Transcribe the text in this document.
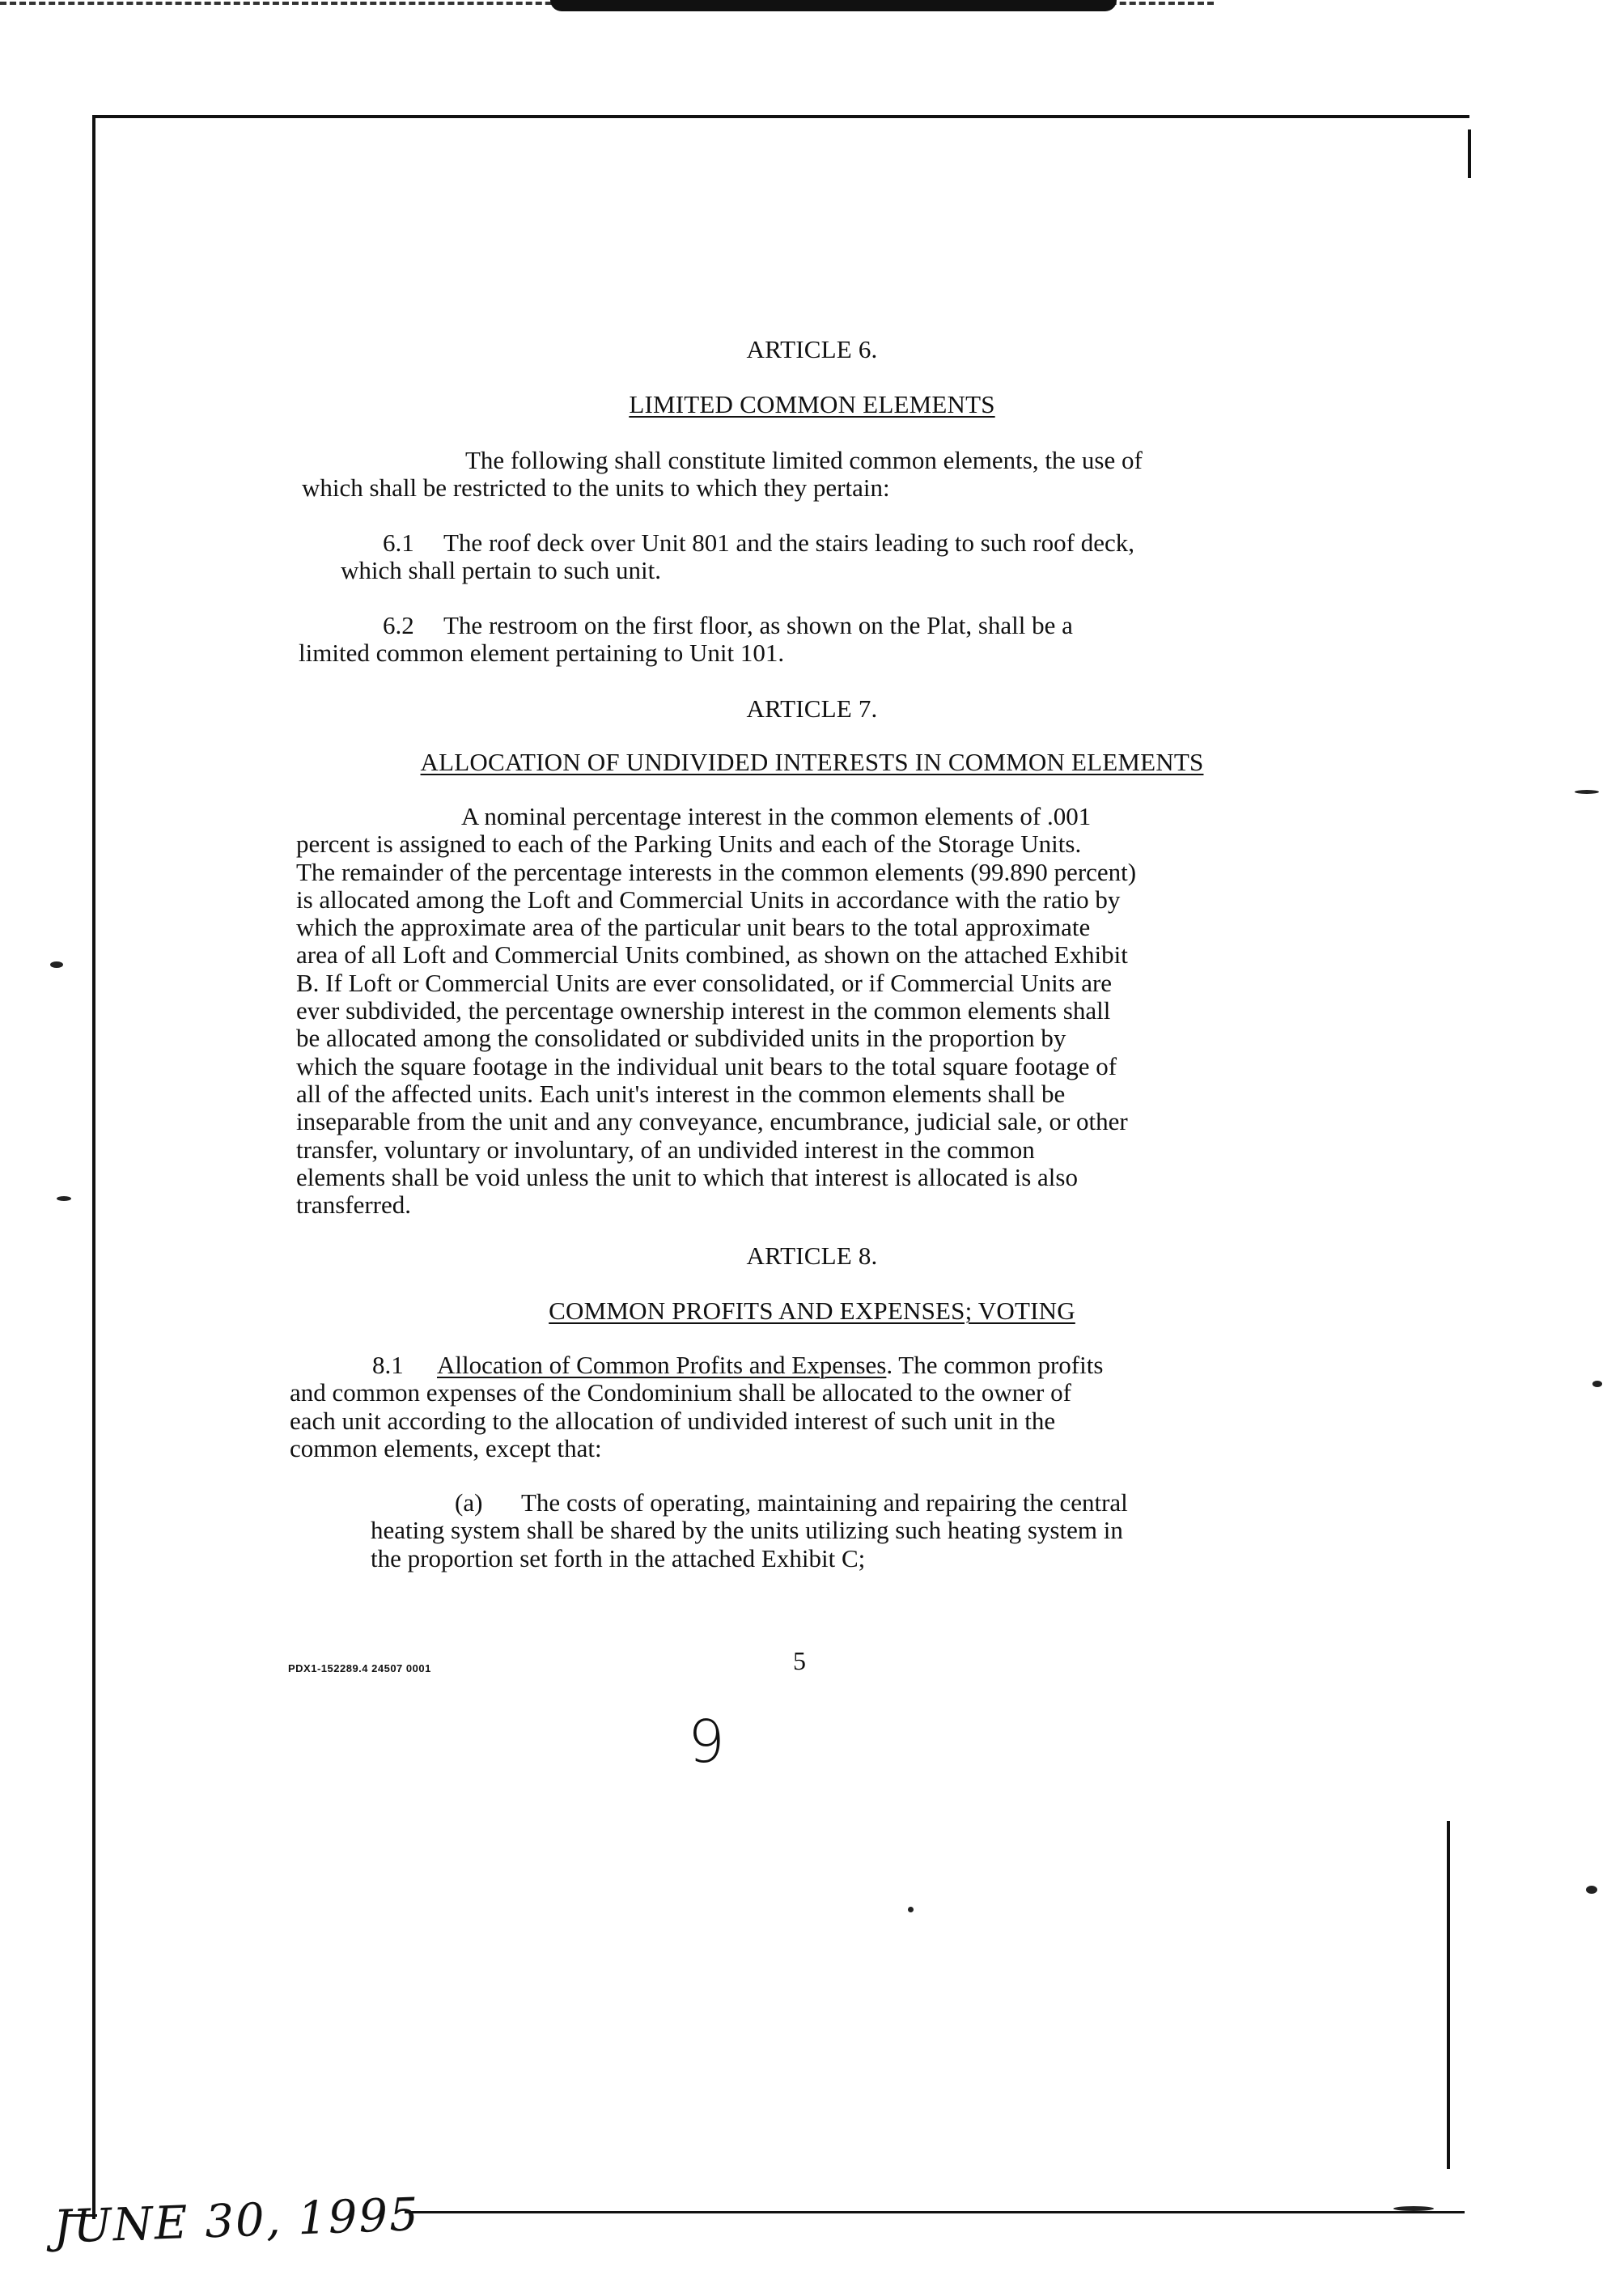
ARTICLE 6.
LIMITED COMMON ELEMENTS
The following shall constitute limited common elements, the use of
which shall be restricted to the units to which they pertain:
6.1 The roof deck over Unit 801 and the stairs leading to such roof deck,
which shall pertain to such unit.
6.2 The restroom on the first floor, as shown on the Plat, shall be a
limited common element pertaining to Unit 101.
ARTICLE 7.
ALLOCATION OF UNDIVIDED INTERESTS IN COMMON ELEMENTS
A nominal percentage interest in the common elements of .001
percent is assigned to each of the Parking Units and each of the Storage Units.
The remainder of the percentage interests in the common elements (99.890 percent)
is allocated among the Loft and Commercial Units in accordance with the ratio by
which the approximate area of the particular unit bears to the total approximate
area of all Loft and Commercial Units combined, as shown on the attached Exhibit
B. If Loft or Commercial Units are ever consolidated, or if Commercial Units are
ever subdivided, the percentage ownership interest in the common elements shall
be allocated among the consolidated or subdivided units in the proportion by
which the square footage in the individual unit bears to the total square footage of
all of the affected units. Each unit's interest in the common elements shall be
inseparable from the unit and any conveyance, encumbrance, judicial sale, or other
transfer, voluntary or involuntary, of an undivided interest in the common
elements shall be void unless the unit to which that interest is allocated is also
transferred.
ARTICLE 8.
COMMON PROFITS AND EXPENSES; VOTING
8.1 Allocation of Common Profits and Expenses. The common profits
and common expenses of the Condominium shall be allocated to the owner of
each unit according to the allocation of undivided interest of such unit in the
common elements, except that:
(a) The costs of operating, maintaining and repairing the central
heating system shall be shared by the units utilizing such heating system in
the proportion set forth in the attached Exhibit C;
PDX1-152289.4 24507 0001	5
9
JUNE 30, 1995
